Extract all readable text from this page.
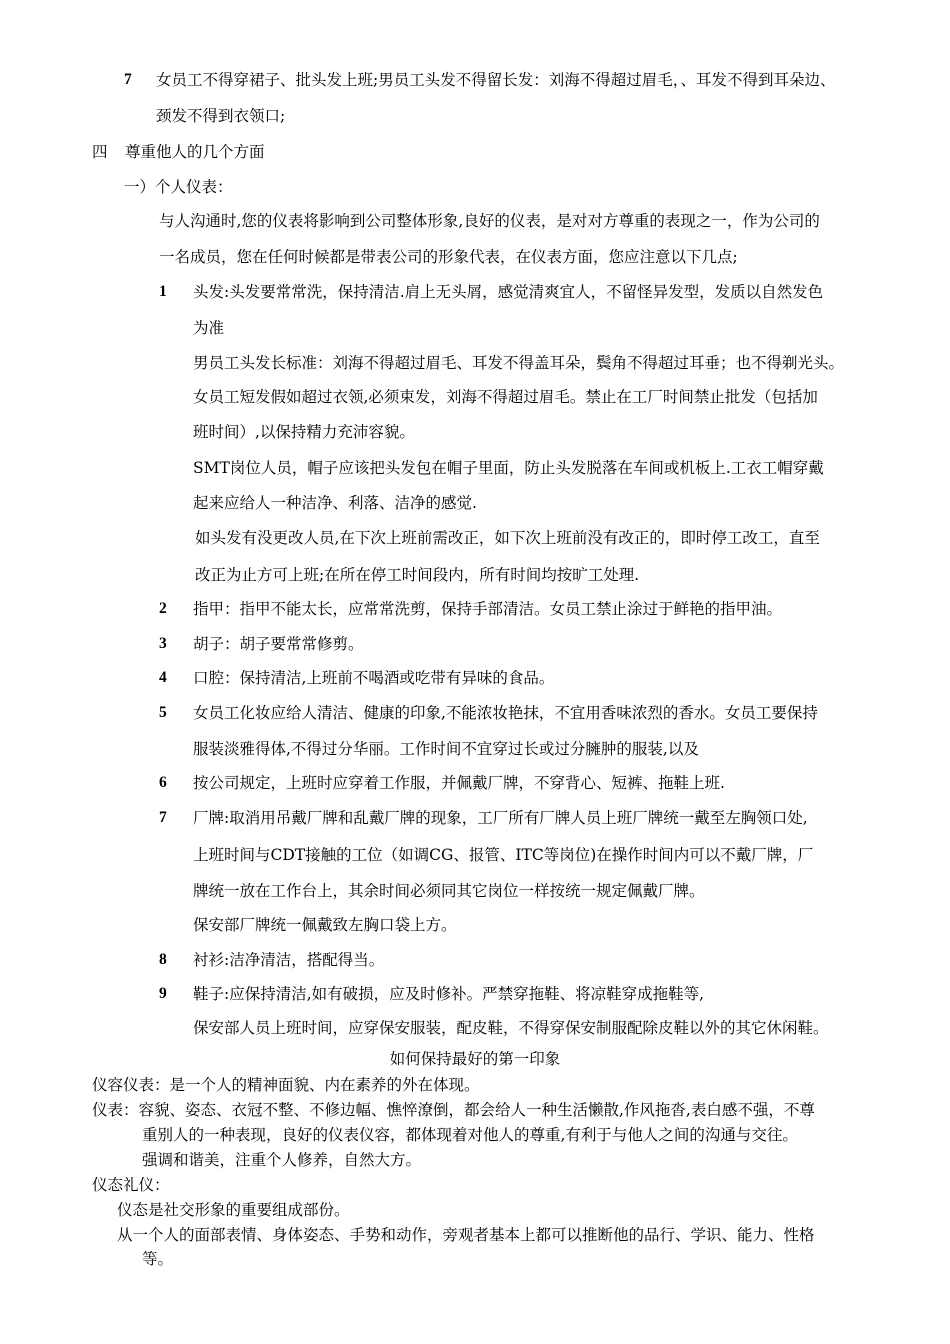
7 女员工不得穿裙子、批头发上班;男员工头发不得留长发：刘海不得超过眉毛，、耳发不得到耳朵边、
颈发不得到衣领口;
四 尊重他人的几个方面
一）个人仪表：
与人沟通时,您的仪表将影响到公司整体形象,良好的仪表，是对对方尊重的表现之一，作为公司的
一名成员，您在任何时候都是带表公司的形象代表，在仪表方面，您应注意以下几点;
1 头发:头发要常常洗，保持清洁.肩上无头屑，感觉清爽宜人，不留怪异发型，发质以自然发色
为准
男员工头发长标准：刘海不得超过眉毛、耳发不得盖耳朵，鬓角不得超过耳垂；也不得剃光头。
女员工短发假如超过衣领,必须束发，刘海不得超过眉毛。禁止在工厂时间禁止批发（包括加
班时间）,以保持精力充沛容貌。
SMT岗位人员，帽子应该把头发包在帽子里面，防止头发脱落在车间或机板上.工衣工帽穿戴
起来应给人一种洁净、利落、洁净的感觉.
如头发有没更改人员,在下次上班前需改正，如下次上班前没有改正的，即时停工改工，直至
改正为止方可上班;在所在停工时间段内，所有时间均按旷工处理.
2 指甲：指甲不能太长，应常常洗剪，保持手部清洁。女员工禁止涂过于鲜艳的指甲油。
3 胡子：胡子要常常修剪。
4 口腔：保持清洁,上班前不喝酒或吃带有异味的食品。
5 女员工化妆应给人清洁、健康的印象,不能浓妆艳抹，不宜用香味浓烈的香水。女员工要保持
服装淡雅得体,不得过分华丽。工作时间不宜穿过长或过分臃肿的服装,以及
6 按公司规定，上班时应穿着工作服，并佩戴厂牌，不穿背心、短裤、拖鞋上班.
7 厂牌:取消用吊戴厂牌和乱戴厂牌的现象，工厂所有厂牌人员上班厂牌统一戴至左胸领口处,
上班时间与CDT接触的工位（如调CG、报管、ITC等岗位)在操作时间内可以不戴厂牌，厂
牌统一放在工作台上，其余时间必须同其它岗位一样按统一规定佩戴厂牌。
保安部厂牌统一佩戴致左胸口袋上方。
8 衬衫:洁净清洁，搭配得当。
9 鞋子:应保持清洁,如有破损，应及时修补。严禁穿拖鞋、将凉鞋穿成拖鞋等,
保安部人员上班时间，应穿保安服装，配皮鞋，不得穿保安制服配除皮鞋以外的其它休闲鞋。
如何保持最好的第一印象
仪容仪表：是一个人的精神面貌、内在素养的外在体现。
仪表：容貌、姿态、衣冠不整、不修边幅、憔悴潦倒，都会给人一种生活懒散,作风拖沓,表白感不强，不尊
重别人的一种表现，良好的仪表仪容，都体现着对他人的尊重,有利于与他人之间的沟通与交往。
强调和谐美，注重个人修养，自然大方。
仪态礼仪：
仪态是社交形象的重要组成部份。
从一个人的面部表情、身体姿态、手势和动作，旁观者基本上都可以推断他的品行、学识、能力、性格
等。
